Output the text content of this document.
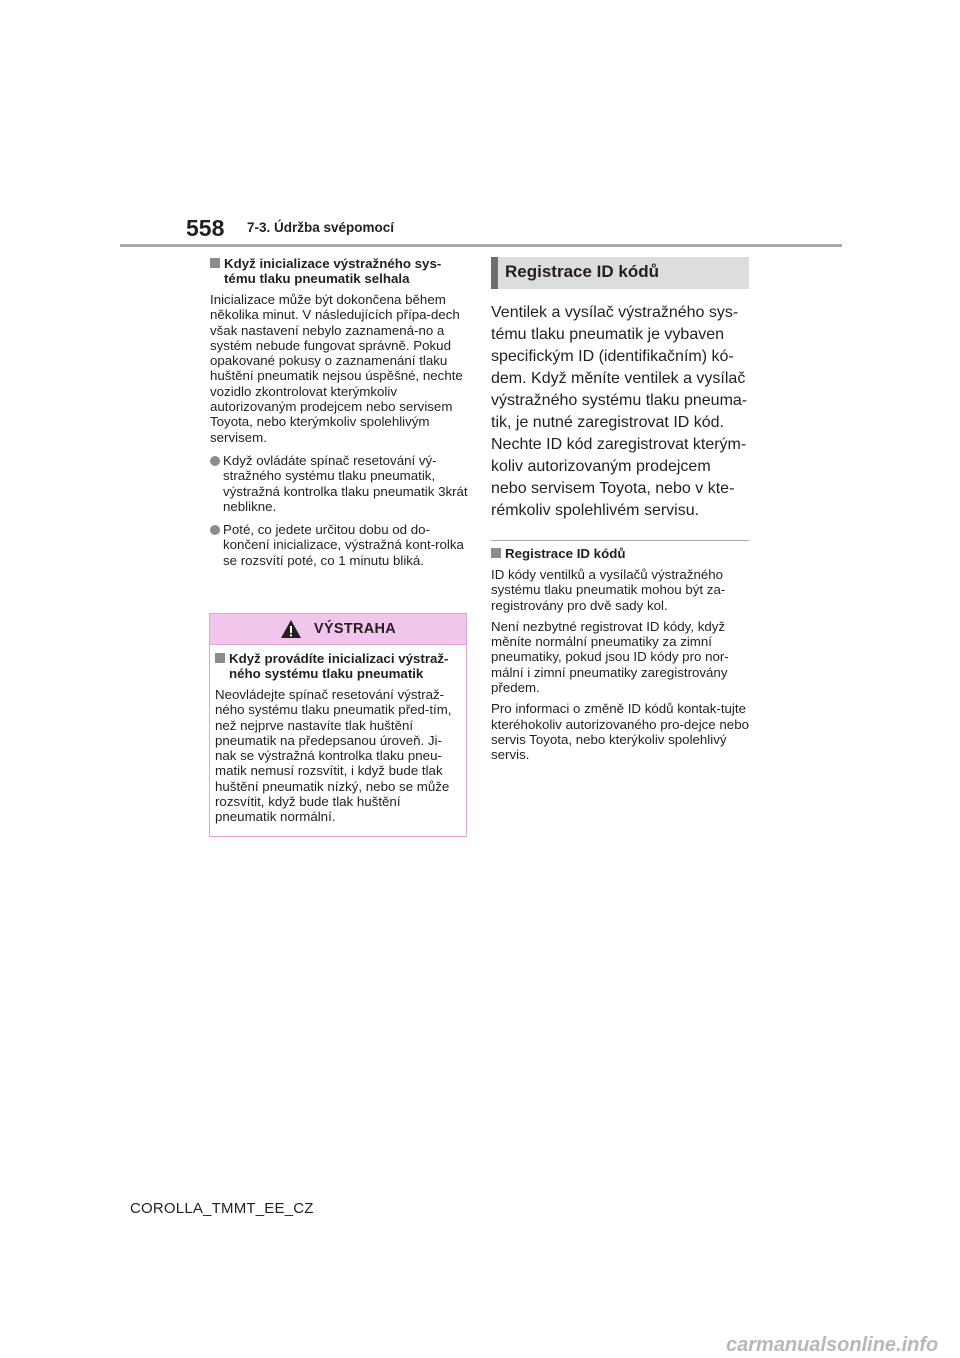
558 7-3. Údržba svépomocí

Když inicializace výstražného sys-tému tlaku pneumatik selhala

Inicializace může být dokončena během několika minut. V následujících přípa-dech však nastavení nebylo zaznamená-no a systém nebude fungovat správně. Pokud opakované pokusy o zaznamenání tlaku huštění pneumatik nejsou úspěšné, nechte vozidlo zkontrolovat kterýmkoliv autorizovaným prodejcem nebo servisem Toyota, nebo kterýmkoliv spolehlivým servisem.

Když ovládáte spínač resetování vý-stražného systému tlaku pneumatik, výstražná kontrolka tlaku pneumatik 3krát neblikne.

Poté, co jedete určitou dobu od do-končení inicializace, výstražná kont-rolka se rozsvítí poté, co 1 minutu bliká.

VÝSTRAHA

Když provádíte inicializaci výstraž-ného systému tlaku pneumatik

Neovládejte spínač resetování výstraž-ného systému tlaku pneumatik před-tím, než nejprve nastavíte tlak huštění pneumatik na předepsanou úroveň. Ji-nak se výstražná kontrolka tlaku pneu-matik nemusí rozsvítit, i když bude tlak huštění pneumatik nízký, nebo se může rozsvítit, když bude tlak huštění pneumatik normální.

Registrace ID kódů

Ventilek a vysílač výstražného sys-tému tlaku pneumatik je vybaven specifickým ID (identifikačním) kó-dem. Když měníte ventilek a vysílač výstražného systému tlaku pneuma-tik, je nutné zaregistrovat ID kód. Nechte ID kód zaregistrovat kterým-koliv autorizovaným prodejcem nebo servisem Toyota, nebo v kte-rémkoliv spolehlivém servisu.

Registrace ID kódů

ID kódy ventilků a vysílačů výstražného systému tlaku pneumatik mohou být za-registrovány pro dvě sady kol.

Není nezbytné registrovat ID kódy, když měníte normální pneumatiky za zimní pneumatiky, pokud jsou ID kódy pro nor-mální i zimní pneumatiky zaregistrovány předem.

Pro informaci o změně ID kódů kontak-tujte kteréhokoliv autorizovaného pro-dejce nebo servis Toyota, nebo kterýkoliv spolehlivý servis.

COROLLA_TMMT_EE_CZ
carmanualsonline.info
